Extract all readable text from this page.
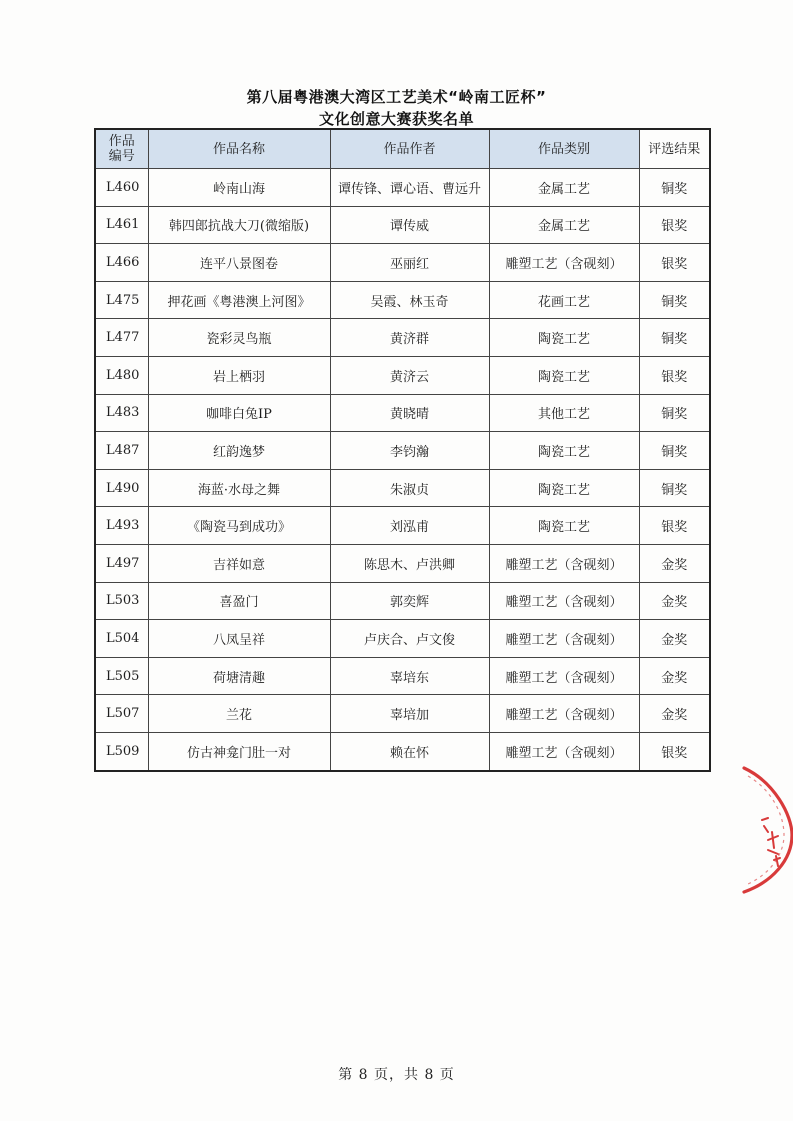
第八届粤港澳大湾区工艺美术“岭南工匠杯”
文化创意大赛获奖名单
作品
编号	作品名称	作品作者	作品类别	评选结果
L460	岭南山海	谭传锋、谭心语、曹远升	金属工艺	铜奖
L461	韩四郎抗战大刀(微缩版)	谭传威	金属工艺	银奖
L466	连平八景图卷	巫丽红	雕塑工艺（含砚刻）	银奖
L475	押花画《粤港澳上河图》	吴霞、林玉奇	花画工艺	铜奖
L477	瓷彩灵鸟瓶	黄济群	陶瓷工艺	铜奖
L480	岩上栖羽	黄济云	陶瓷工艺	银奖
L483	咖啡白兔IP	黄晓晴	其他工艺	铜奖
L487	红韵逸梦	李钧瀚	陶瓷工艺	铜奖
L490	海蓝·水母之舞	朱淑贞	陶瓷工艺	铜奖
L493	《陶瓷马到成功》	刘泓甫	陶瓷工艺	银奖
L497	吉祥如意	陈思木、卢洪卿	雕塑工艺（含砚刻）	金奖
L503	喜盈门	郭奕辉	雕塑工艺（含砚刻）	金奖
L504	八凤呈祥	卢庆合、卢文俊	雕塑工艺（含砚刻）	金奖
L505	荷塘清趣	辜培东	雕塑工艺（含砚刻）	金奖
L507	兰花	辜培加	雕塑工艺（含砚刻）	金奖
L509	仿古神龛门肚一对	赖在怀	雕塑工艺（含砚刻）	银奖
第 8 页，共 8 页
